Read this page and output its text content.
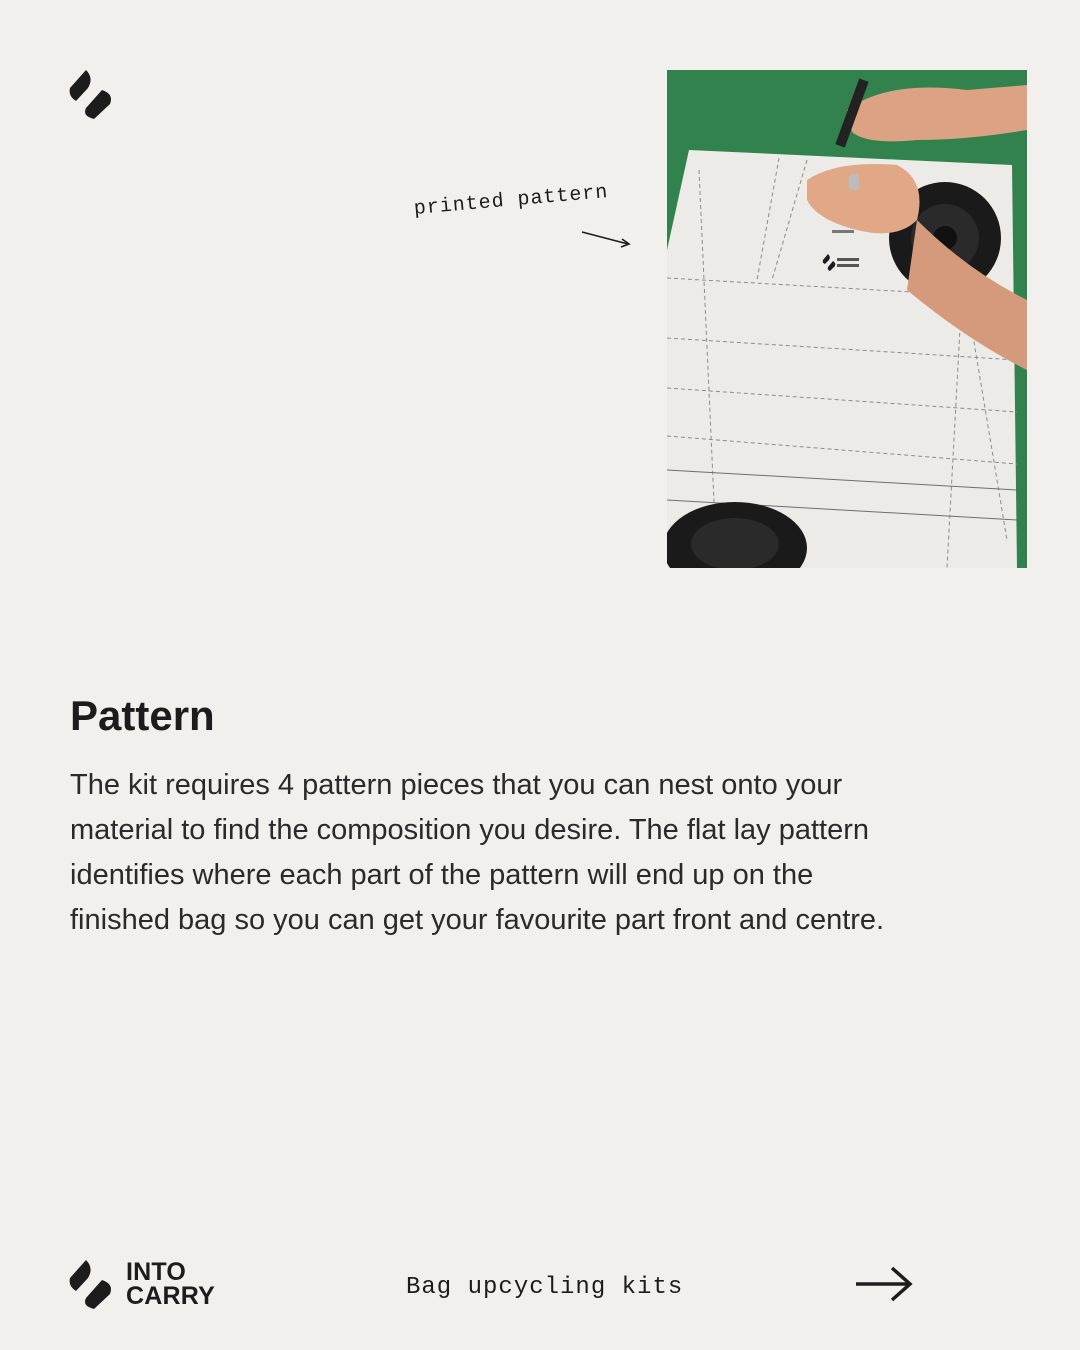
printed pattern
Pattern

The kit requires 4 pattern pieces that you can nest onto your material to find the composition you desire. The flat lay pattern identifies where each part of the pattern will end up on the finished bag so you can get your favourite part front and centre.

INTO
CARRY	Bag upcycling kits
